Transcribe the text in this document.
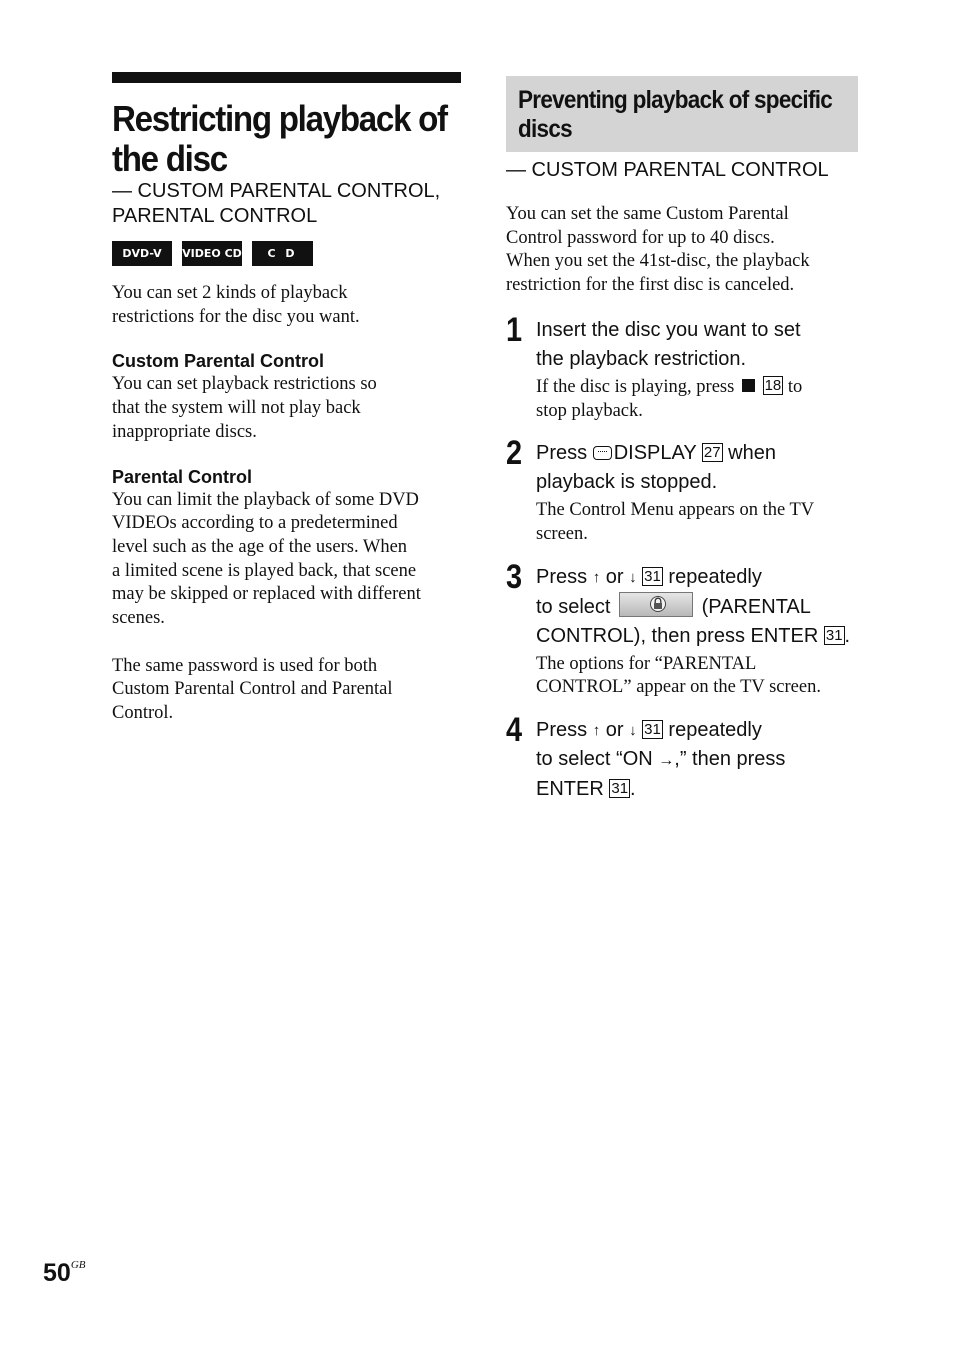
Restricting playback of
the disc
— CUSTOM PARENTAL CONTROL,
PARENTAL CONTROL
DVD-V	VIDEO CD	C D
You can set 2 kinds of playback
restrictions for the disc you want.
Custom Parental Control
You can set playback restrictions so
that the system will not play back
inappropriate discs.
Parental Control
You can limit the playback of some DVD
VIDEOs according to a predetermined
level such as the age of the users. When
a limited scene is played back, that scene
may be skipped or replaced with different
scenes.
The same password is used for both
Custom Parental Control and Parental
Control.
Preventing playback of specific
discs
— CUSTOM PARENTAL CONTROL
You can set the same Custom Parental
Control password for up to 40 discs.
When you set the 41st-disc, the playback
restriction for the first disc is canceled.
1 Insert the disc you want to set
the playback restriction.
If the disc is playing, press 18 to
stop playback.
2 Press DISPLAY 27 when
playback is stopped.
The Control Menu appears on the TV
screen.
3 Press ↑ or ↓ 31 repeatedly
to select	(PARENTAL
CONTROL), then press ENTER 31 .
The options for “PARENTAL
CONTROL” appear on the TV screen.
4 Press ↑ or ↓ 31 repeatedly
to select “ON →,” then press
ENTER 31 .
$50^{GB}$
